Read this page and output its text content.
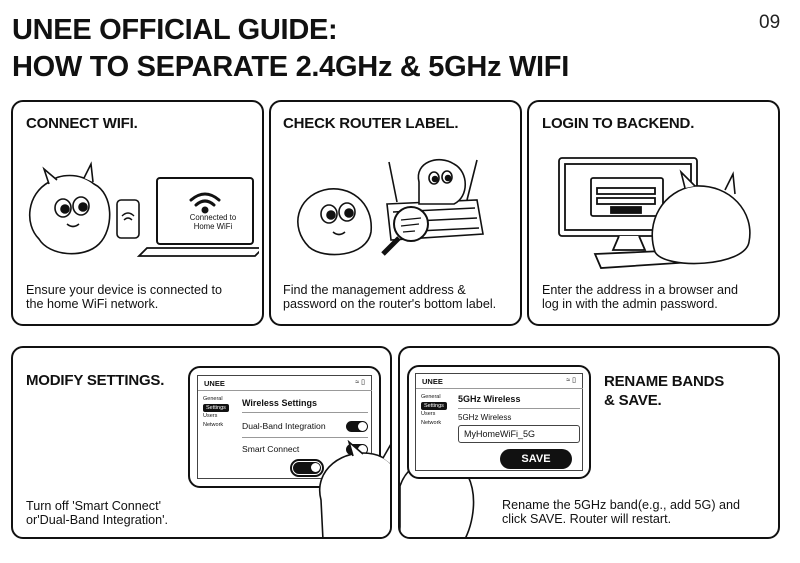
UNEE OFFICIAL GUIDE:
HOW TO SEPARATE 2.4GHz & 5GHz WIFI
09
CONNECT WIFI.
Connected to
Home WiFi
Ensure your device is connected to
the home WiFi network.
CHECK ROUTER LABEL.
Find the management address &
password on the router's bottom label.
LOGIN TO BACKEND.
Enter the address in a browser and
log in with the admin password.
MODIFY SETTINGS.	UNEE	≈ ▯
General
Settings
Users
Network
Wireless Settings
Dual-Band Integration
Smart Connect
Turn off 'Smart Connect'
or'Dual-Band Integration'.
UNEE	≈ ▯
General
Settings
Users
Network
5GHz Wireless
5GHz Wireless
MyHomeWiFi_5G
SAVE
RENAME BANDS
& SAVE.
Rename the 5GHz band(e.g., add 5G) and
click SAVE. Router will restart.
